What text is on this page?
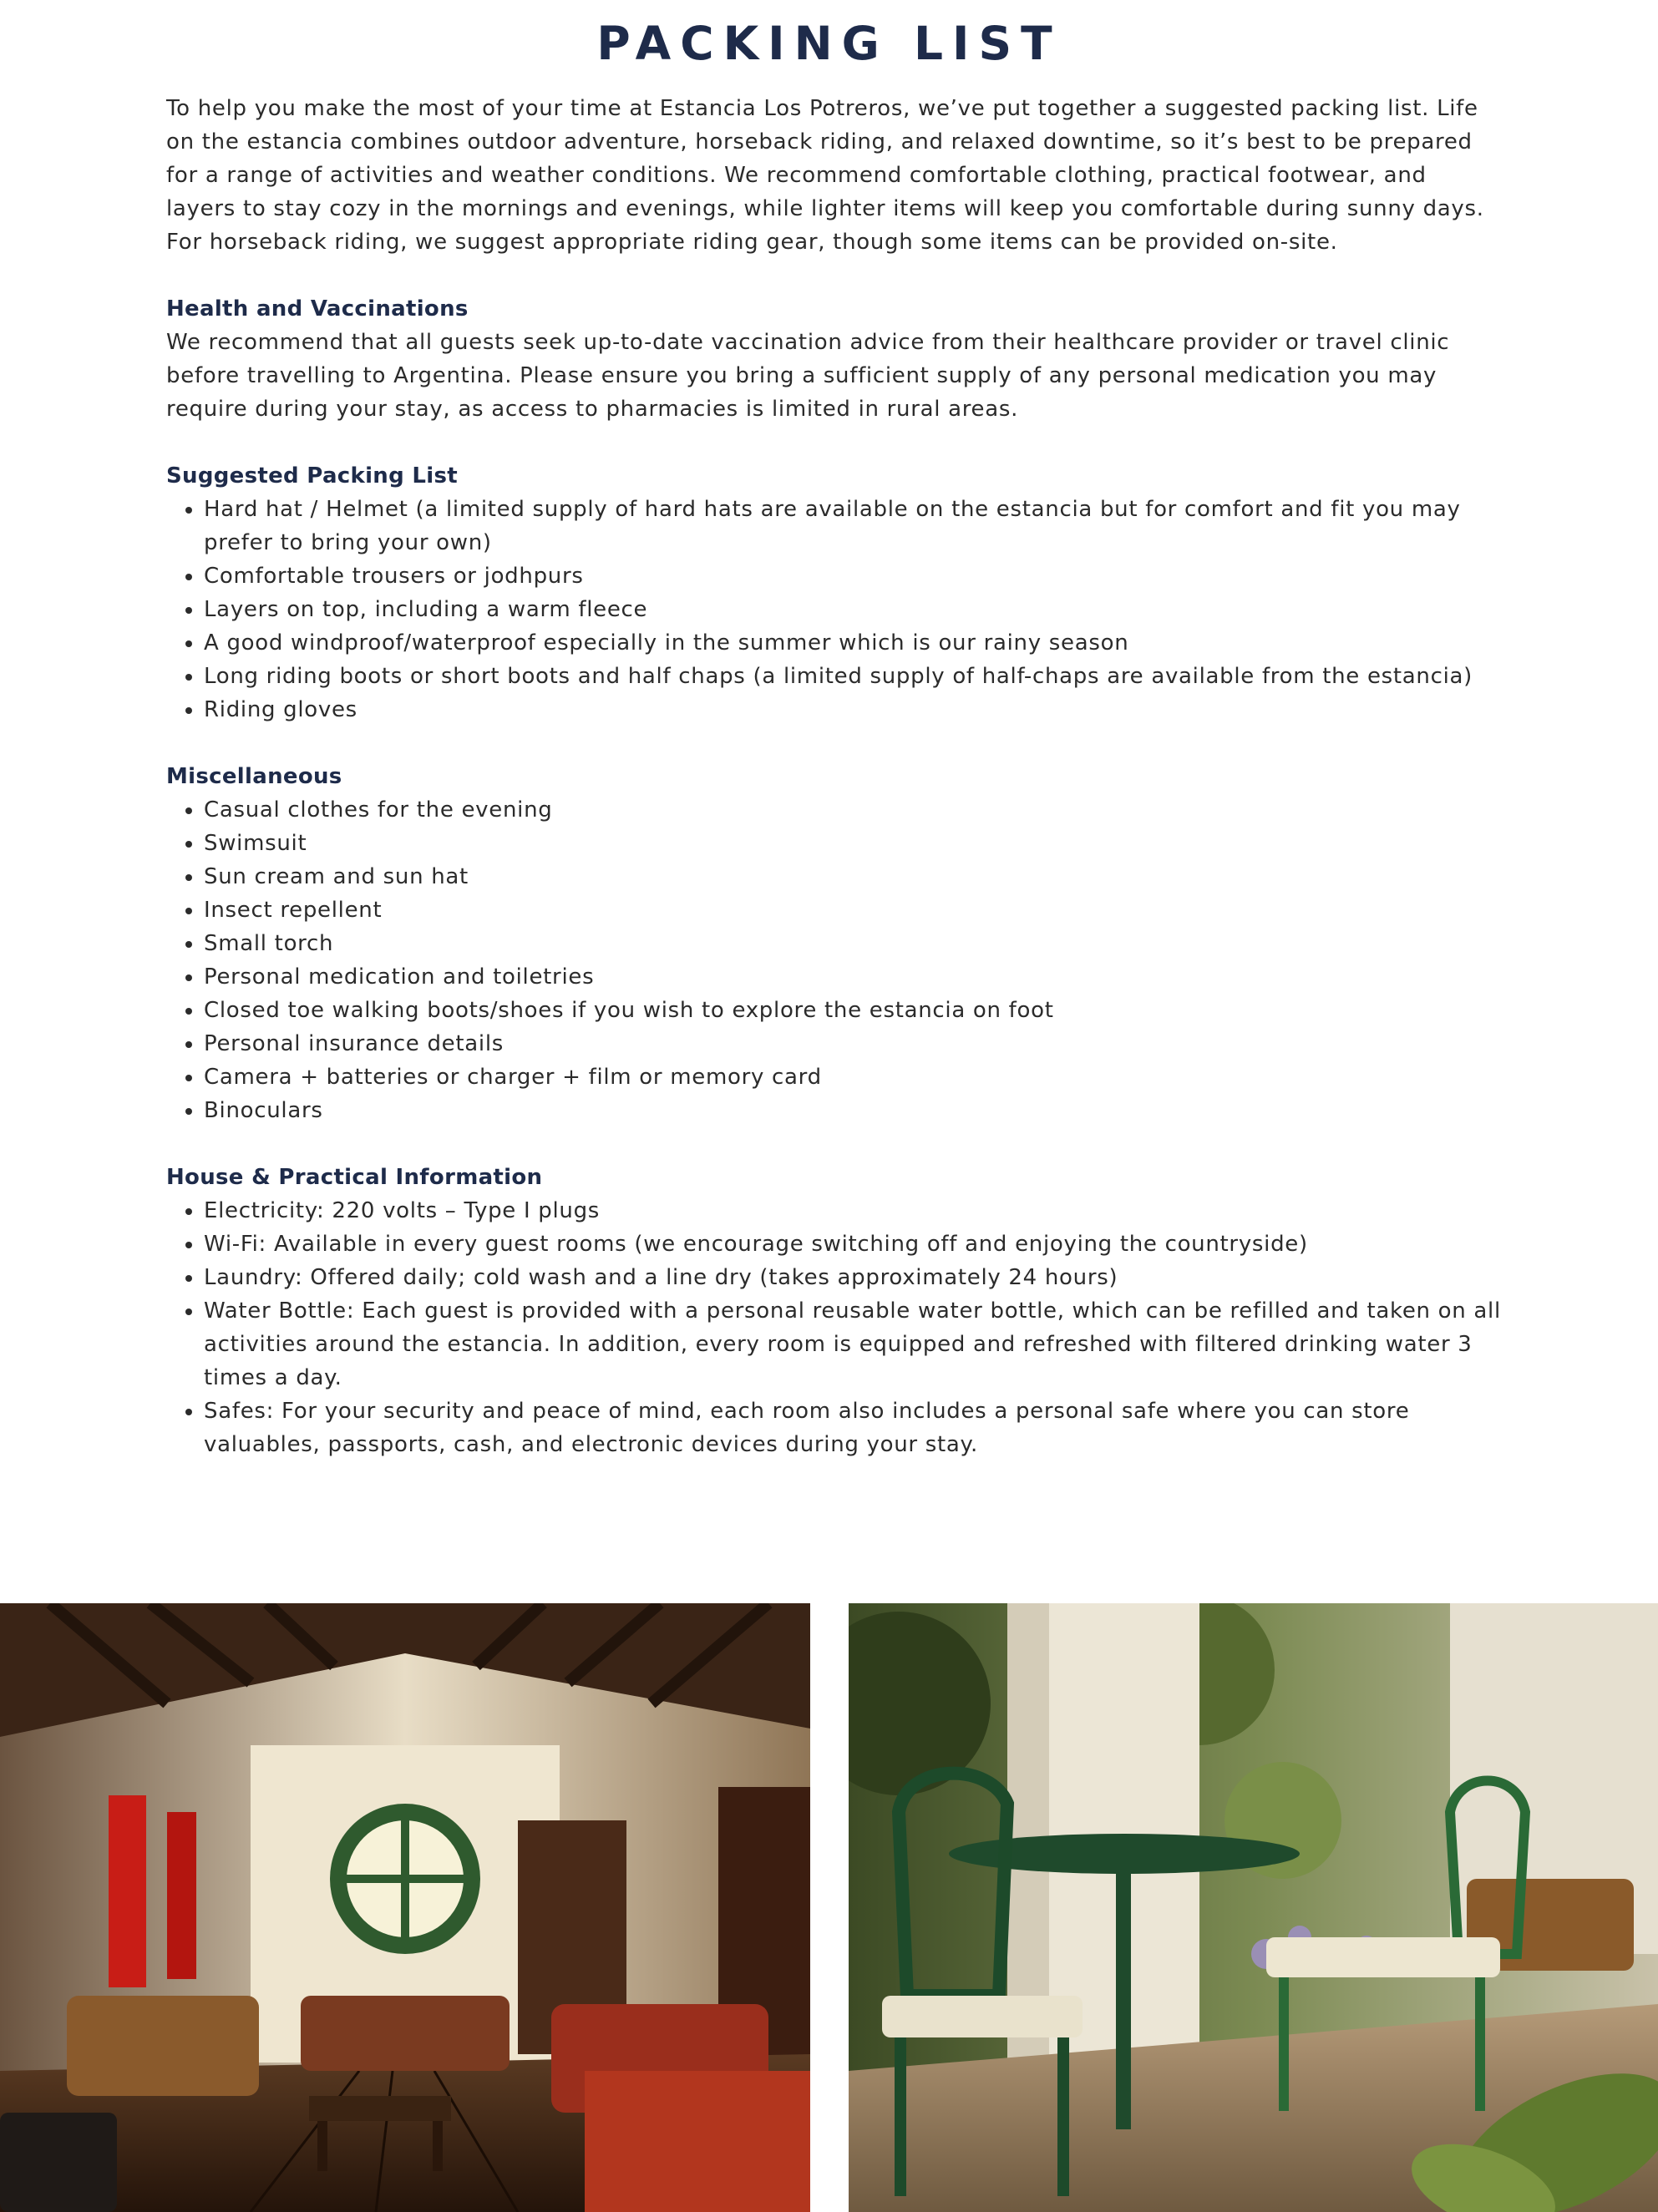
PACKING LIST

To help you make the most of your time at Estancia Los Potreros, we’ve put together a suggested packing list. Life on the estancia combines outdoor adventure, horseback riding, and relaxed downtime, so it’s best to be prepared for a range of activities and weather conditions. We recommend comfortable clothing, practical footwear, and layers to stay cozy in the mornings and evenings, while lighter items will keep you comfortable during sunny days. For horseback riding, we suggest appropriate riding gear, though some items can be provided on-site.

Health and Vaccinations

We recommend that all guests seek up-to-date vaccination advice from their healthcare provider or travel clinic before travelling to Argentina. Please ensure you bring a sufficient supply of any personal medication you may require during your stay, as access to pharmacies is limited in rural areas.

Suggested Packing List
• Hard hat / Helmet (a limited supply of hard hats are available on the estancia but for comfort and fit you may prefer to bring your own)
• Comfortable trousers or jodhpurs
• Layers on top, including a warm fleece
• A good windproof/waterproof especially in the summer which is our rainy season
• Long riding boots or short boots and half chaps (a limited supply of half-chaps are available from the estancia)
• Riding gloves
Miscellaneous
• Casual clothes for the evening
• Swimsuit
• Sun cream and sun hat
• Insect repellent
• Small torch
• Personal medication and toiletries
• Closed toe walking boots/shoes if you wish to explore the estancia on foot
• Personal insurance details
• Camera + batteries or charger + film or memory card
• Binoculars
House & Practical Information
• Electricity: 220 volts – Type I plugs
• Wi-Fi: Available in every guest rooms (we encourage switching off and enjoying the countryside)
• Laundry: Offered daily; cold wash and a line dry (takes approximately 24 hours)
• Water Bottle: Each guest is provided with a personal reusable water bottle, which can be refilled and taken on all activities around the estancia. In addition, every room is equipped and refreshed with filtered drinking water 3 times a day.
• Safes: For your security and peace of mind, each room also includes a personal safe where you can store valuables, passports, cash, and electronic devices during your stay.
